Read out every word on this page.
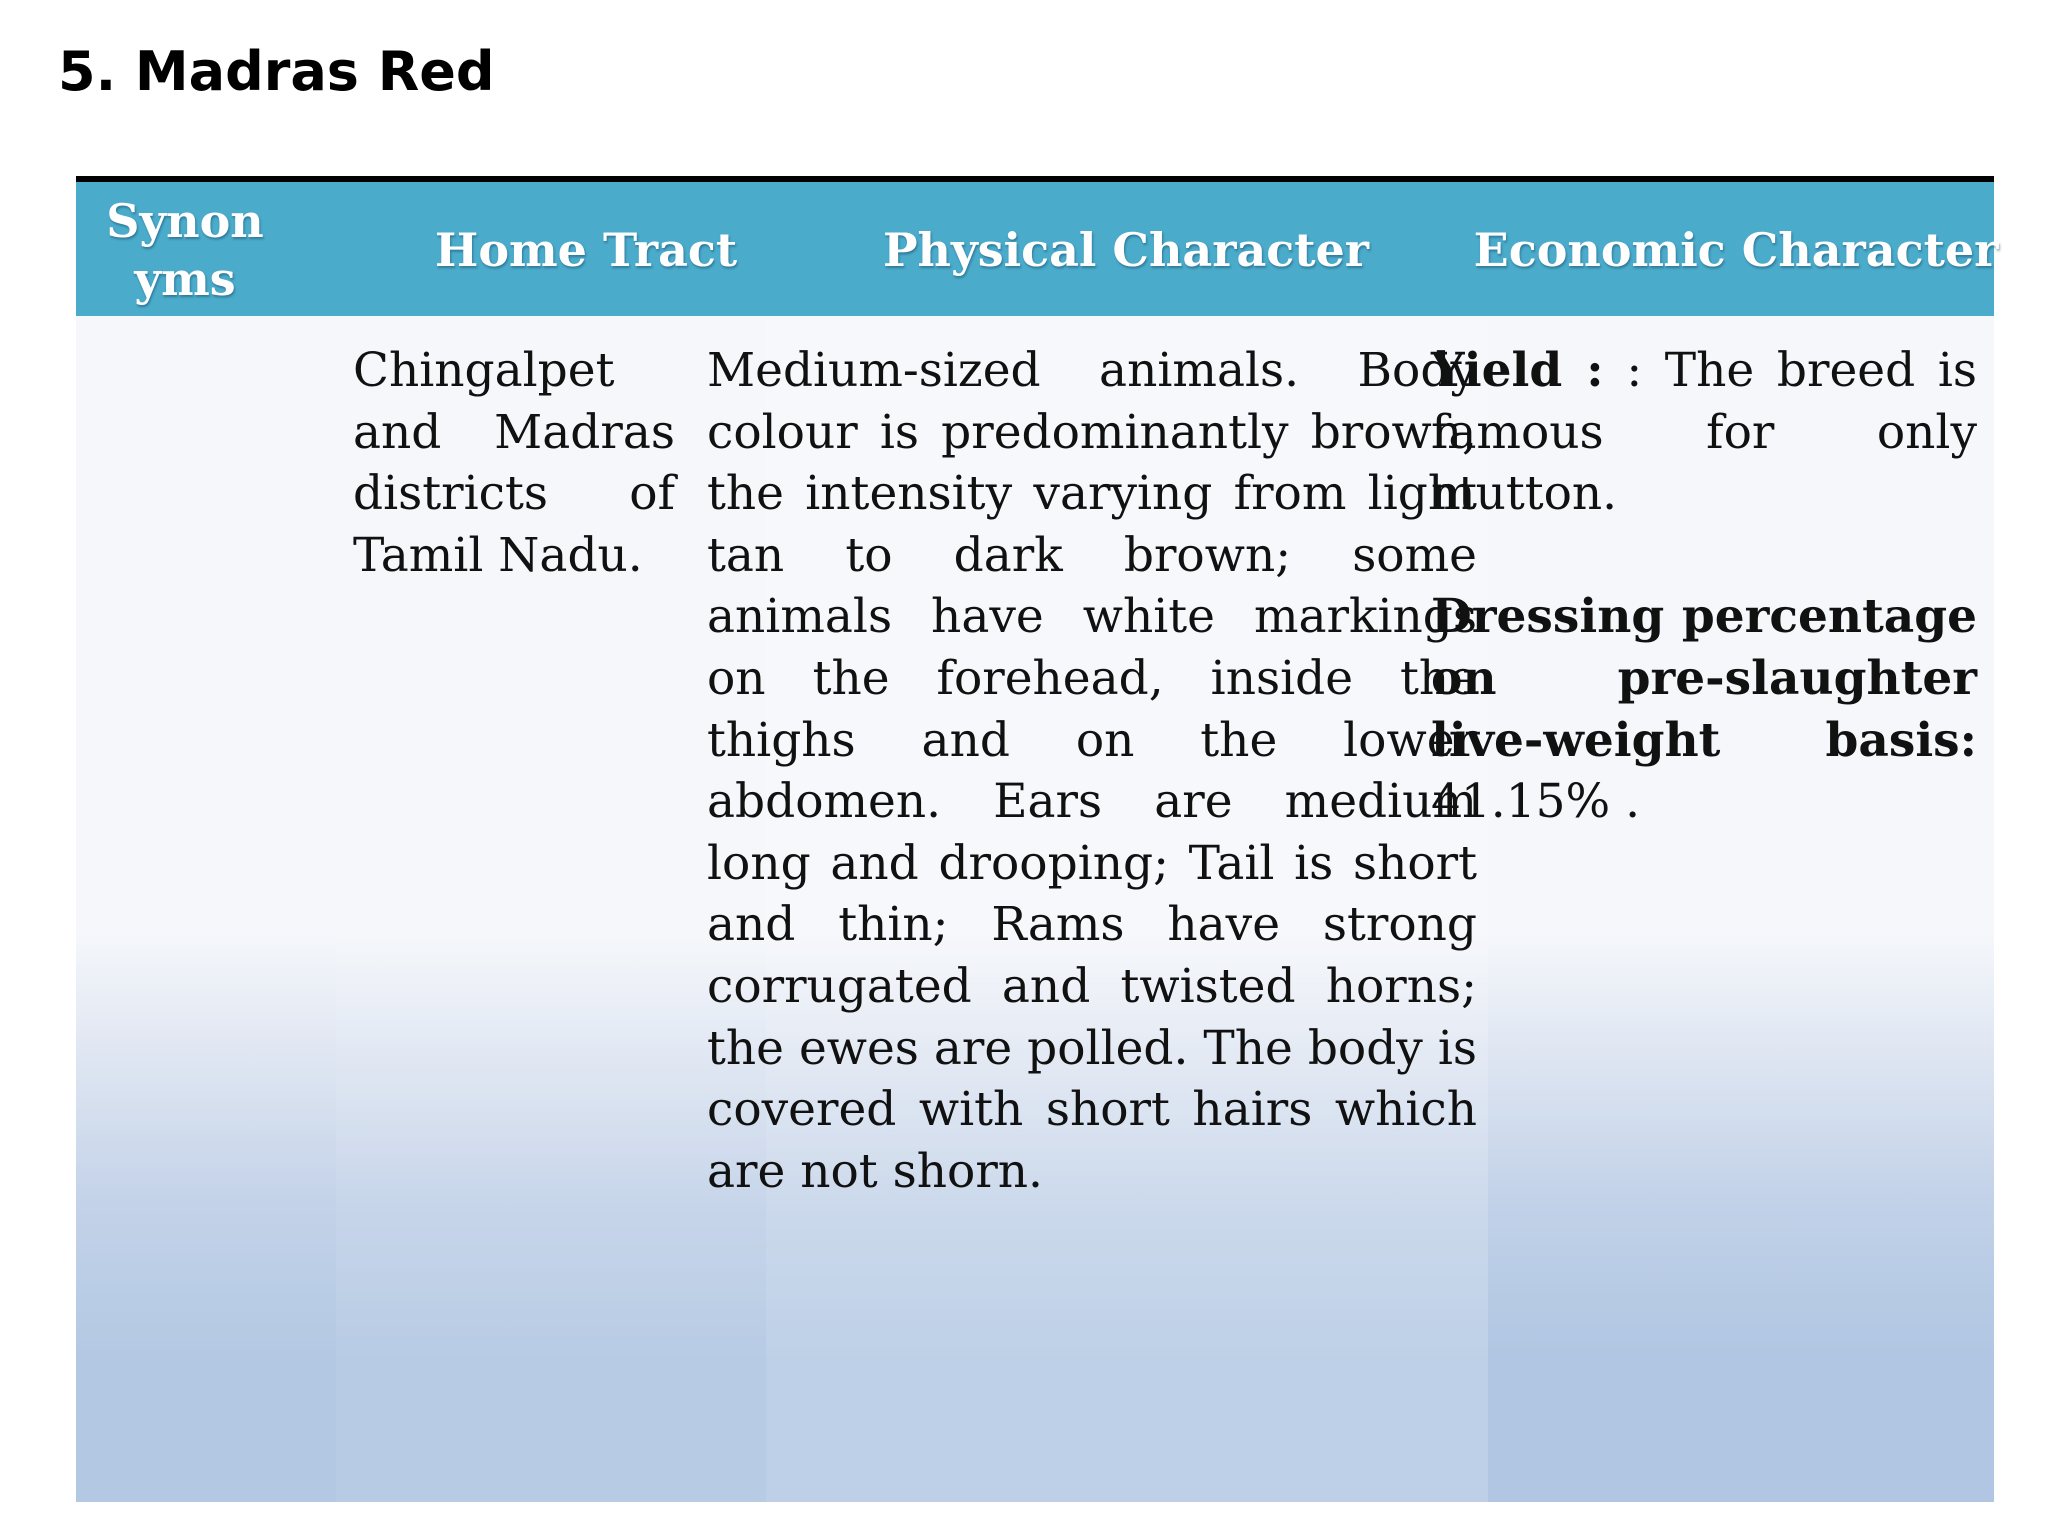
5. Madras Red
Synonyms
Home Tract	Physical Character	Economic Character
Chingalpet and Madras districts of Tamil Nadu.
Medium-sized animals. Body colour is predominantly brown, the intensity varying from light tan to dark brown; some animals have white markings on the forehead, inside the thighs and on the lower abdomen. Ears are medium long and drooping; Tail is short and thin; Rams have strong corrugated and twisted horns; the ewes are polled. The body is covered with short hairs which are not shorn.

Yield : : The breed is famous for only mutton.

Dressing percentage on pre-slaughter live-weight basis: 41.15% .
